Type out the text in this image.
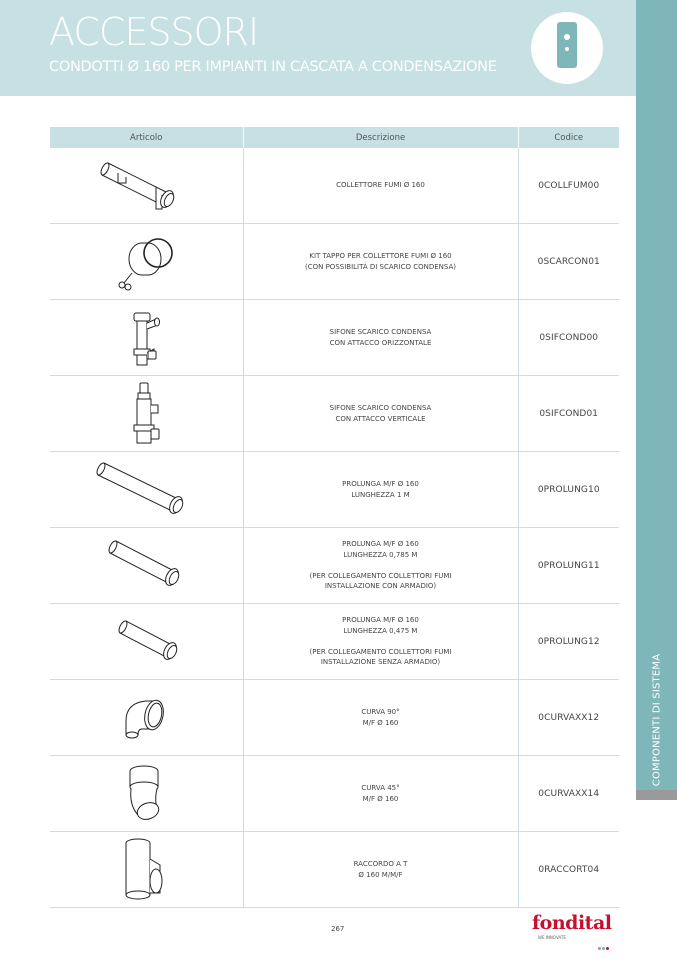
ACCESSORI
CONDOTTI Ø 160 PER IMPIANTI IN CASCATA A CONDENSAZIONE
COMPONENTI DI SISTEMA
Articolo	Descrizione	Codice

COLLETTORE FUMI Ø 160	0COLLFUM00

KIT TAPPO PER COLLETTORE FUMI Ø 160
(CON POSSIBILITÀ DI SCARICO CONDENSA)	0SCARCON01

SIFONE SCARICO CONDENSA
CON ATTACCO ORIZZONTALE	0SIFCOND00

SIFONE SCARICO CONDENSA
CON ATTACCO VERTICALE	0SIFCOND01

PROLUNGA M/F Ø 160
LUNGHEZZA 1 M	0PROLUNG10

PROLUNGA M/F Ø 160
LUNGHEZZA 0,785 M

(PER COLLEGAMENTO COLLETTORI FUMI
INSTALLAZIONE CON ARMADIO)	0PROLUNG11

PROLUNGA M/F Ø 160
LUNGHEZZA 0,475 M

(PER COLLEGAMENTO COLLETTORI FUMI
INSTALLAZIONE SENZA ARMADIO)	0PROLUNG12

CURVA 90°
M/F Ø 160	0CURVAXX12

CURVA 45°
M/F Ø 160	0CURVAXX14

RACCORDO A T
Ø 160 M/M/F	0RACCORT04
267	fondital
WE INNOVATE
